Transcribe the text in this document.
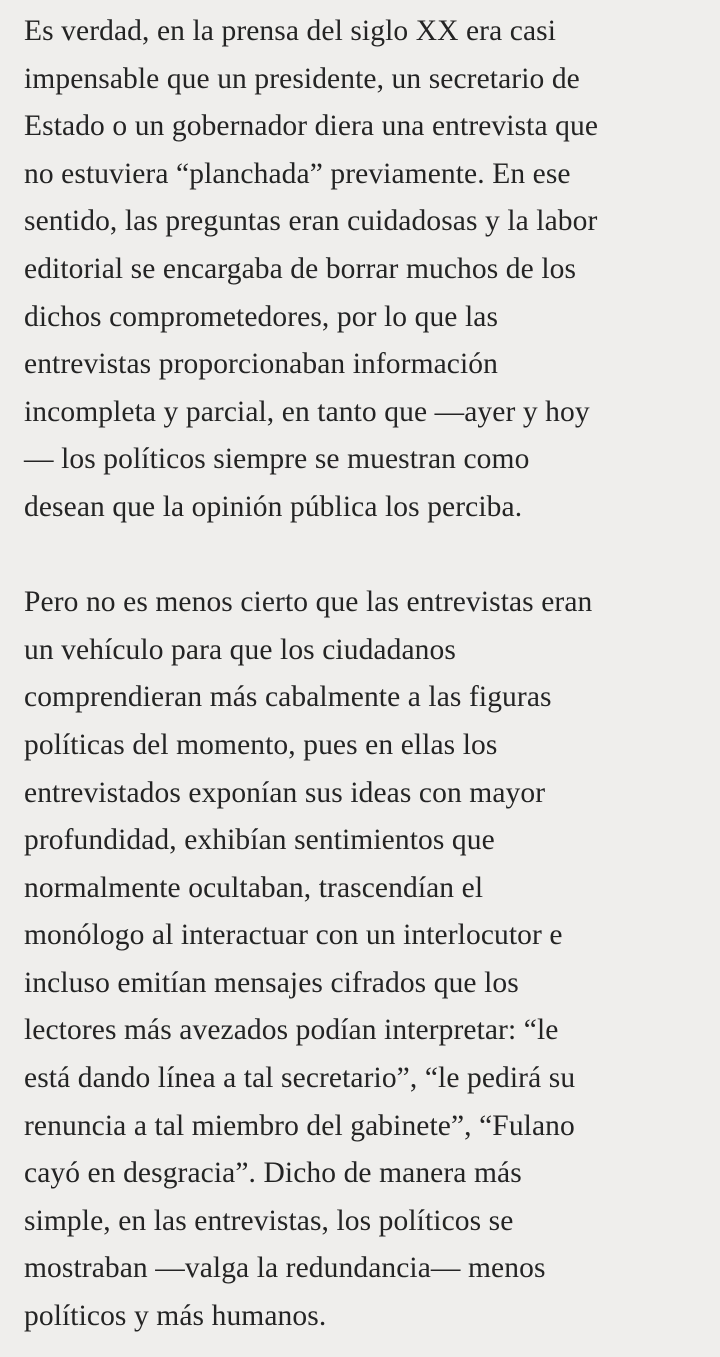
Es verdad, en la prensa del siglo XX era casi
impensable que un presidente, un secretario de
Estado o un gobernador diera una entrevista que
no estuviera “planchada” previamente. En ese
sentido, las preguntas eran cuidadosas y la labor
editorial se encargaba de borrar muchos de los
dichos comprometedores, por lo que las
entrevistas proporcionaban información
incompleta y parcial, en tanto que —ayer y hoy
— los políticos siempre se muestran como
desean que la opinión pública los perciba.

Pero no es menos cierto que las entrevistas eran
un vehículo para que los ciudadanos
comprendieran más cabalmente a las figuras
políticas del momento, pues en ellas los
entrevistados exponían sus ideas con mayor
profundidad, exhibían sentimientos que
normalmente ocultaban, trascendían el
monólogo al interactuar con un interlocutor e
incluso emitían mensajes cifrados que los
lectores más avezados podían interpretar: “le
está dando línea a tal secretario”, “le pedirá su
renuncia a tal miembro del gabinete”, “Fulano
cayó en desgracia”. Dicho de manera más
simple, en las entrevistas, los políticos se
mostraban —valga la redundancia— menos
políticos y más humanos.
